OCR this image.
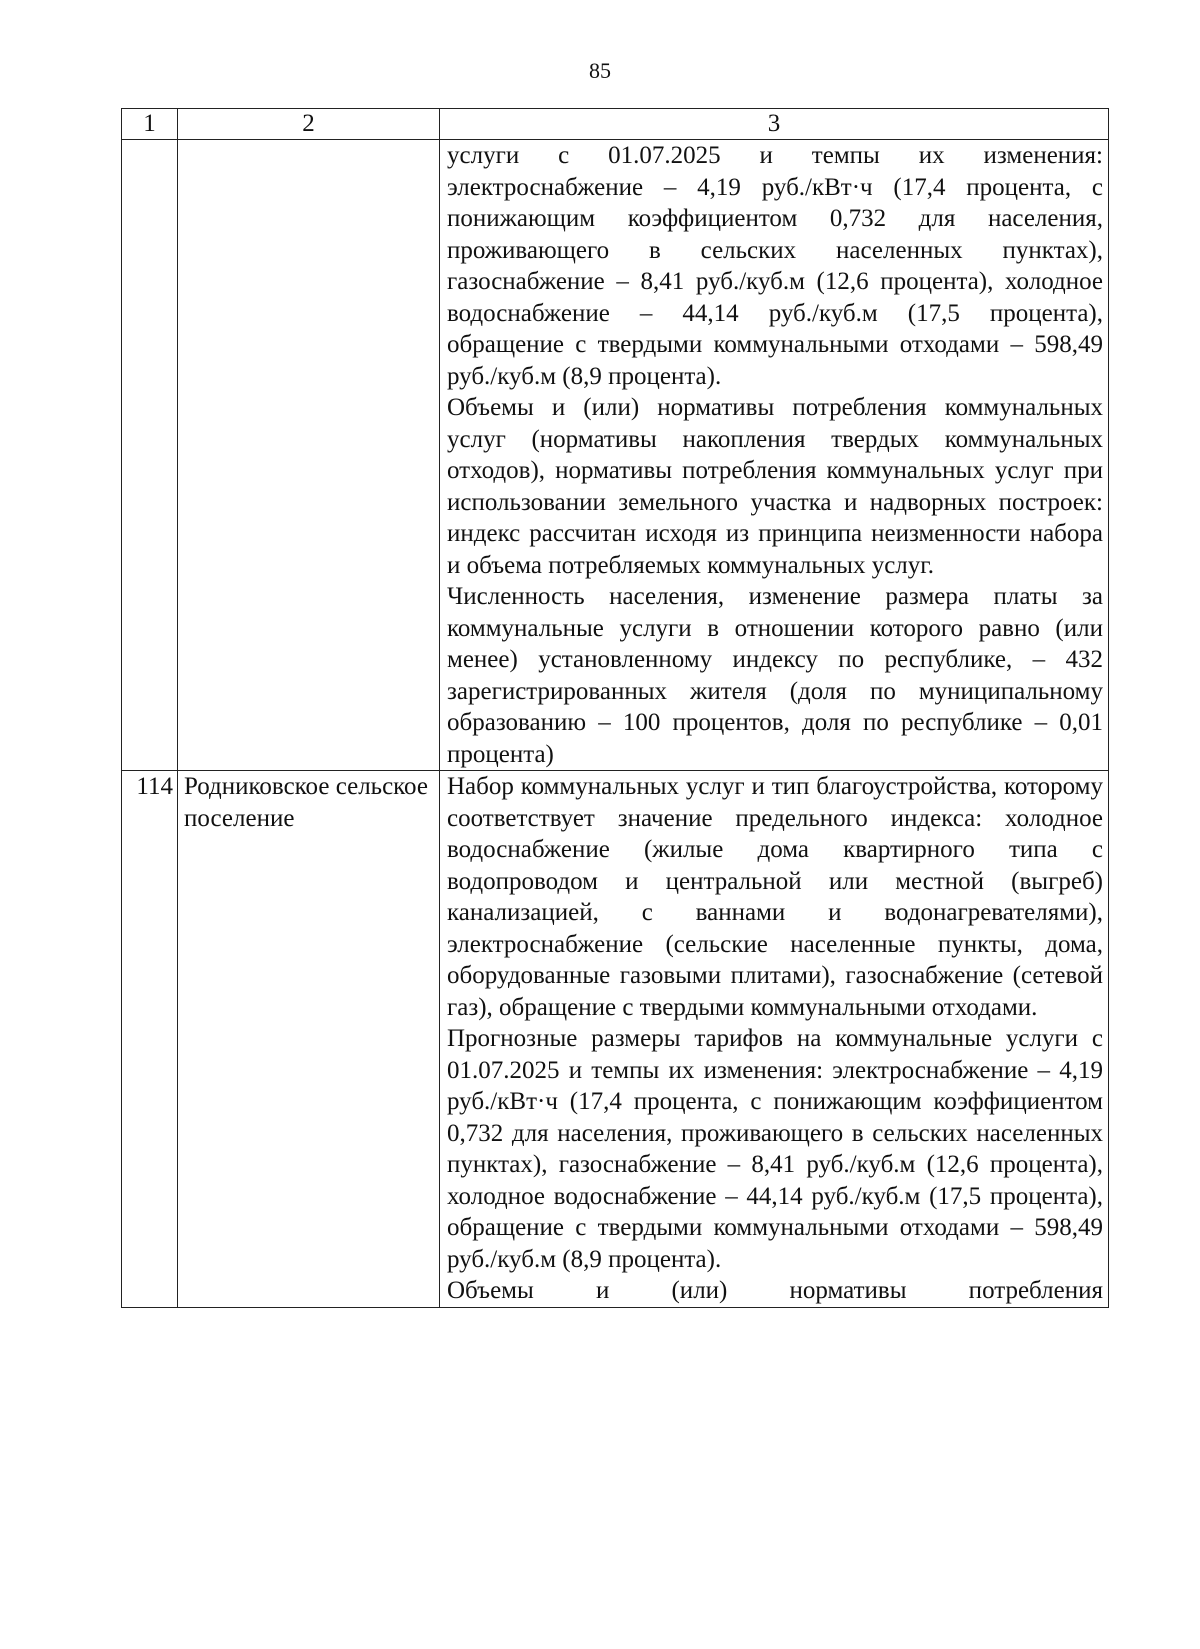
85
1	2	3

		услуги с 01.07.2025 и темпы их изменения: электроснабжение – 4,19 руб./кВт·ч (17,4 процента, с понижающим коэффициентом 0,732 для населения, проживающего в сельских населенных пунктах), газоснабжение – 8,41 руб./куб.м (12,6 процента), холодное водоснабжение – 44,14 руб./куб.м (17,5 процента), обращение с твердыми коммунальными отходами – 598,49 руб./куб.м (8,9 процента).

Объемы и (или) нормативы потребления коммунальных услуг (нормативы накопления твердых коммунальных отходов), нормативы потребления коммунальных услуг при использовании земельного участка и надворных построек: индекс рассчитан исходя из принципа неизменности набора и объема потребляемых коммунальных услуг.

Численность населения, изменение размера платы за коммунальные услуги в отношении которого равно (или менее) установленному индексу по республике, – 432 зарегистрированных жителя (доля по муниципальному образованию – 100 процентов, доля по республике – 0,01 процента)

114	Родниковское сельское поселение	Набор коммунальных услуг и тип благоустройства, которому соответствует значение предельного индекса: холодное водоснабжение (жилые дома квартирного типа с водопроводом и центральной или местной (выгреб) канализацией, с ваннами и водонагревателями), электроснабжение (сельские населенные пункты, дома, оборудованные газовыми плитами), газоснабжение (сетевой газ), обращение с твердыми коммунальными отходами.

Прогнозные размеры тарифов на коммунальные услуги с 01.07.2025 и темпы их изменения: электроснабжение – 4,19 руб./кВт·ч (17,4 процента, с понижающим коэффициентом 0,732 для населения, проживающего в сельских населенных пунктах), газоснабжение – 8,41 руб./куб.м (12,6 процента), холодное водоснабжение – 44,14 руб./куб.м (17,5 процента), обращение с твердыми коммунальными отходами – 598,49 руб./куб.м (8,9 процента).

Объемы и (или) нормативы потребления
